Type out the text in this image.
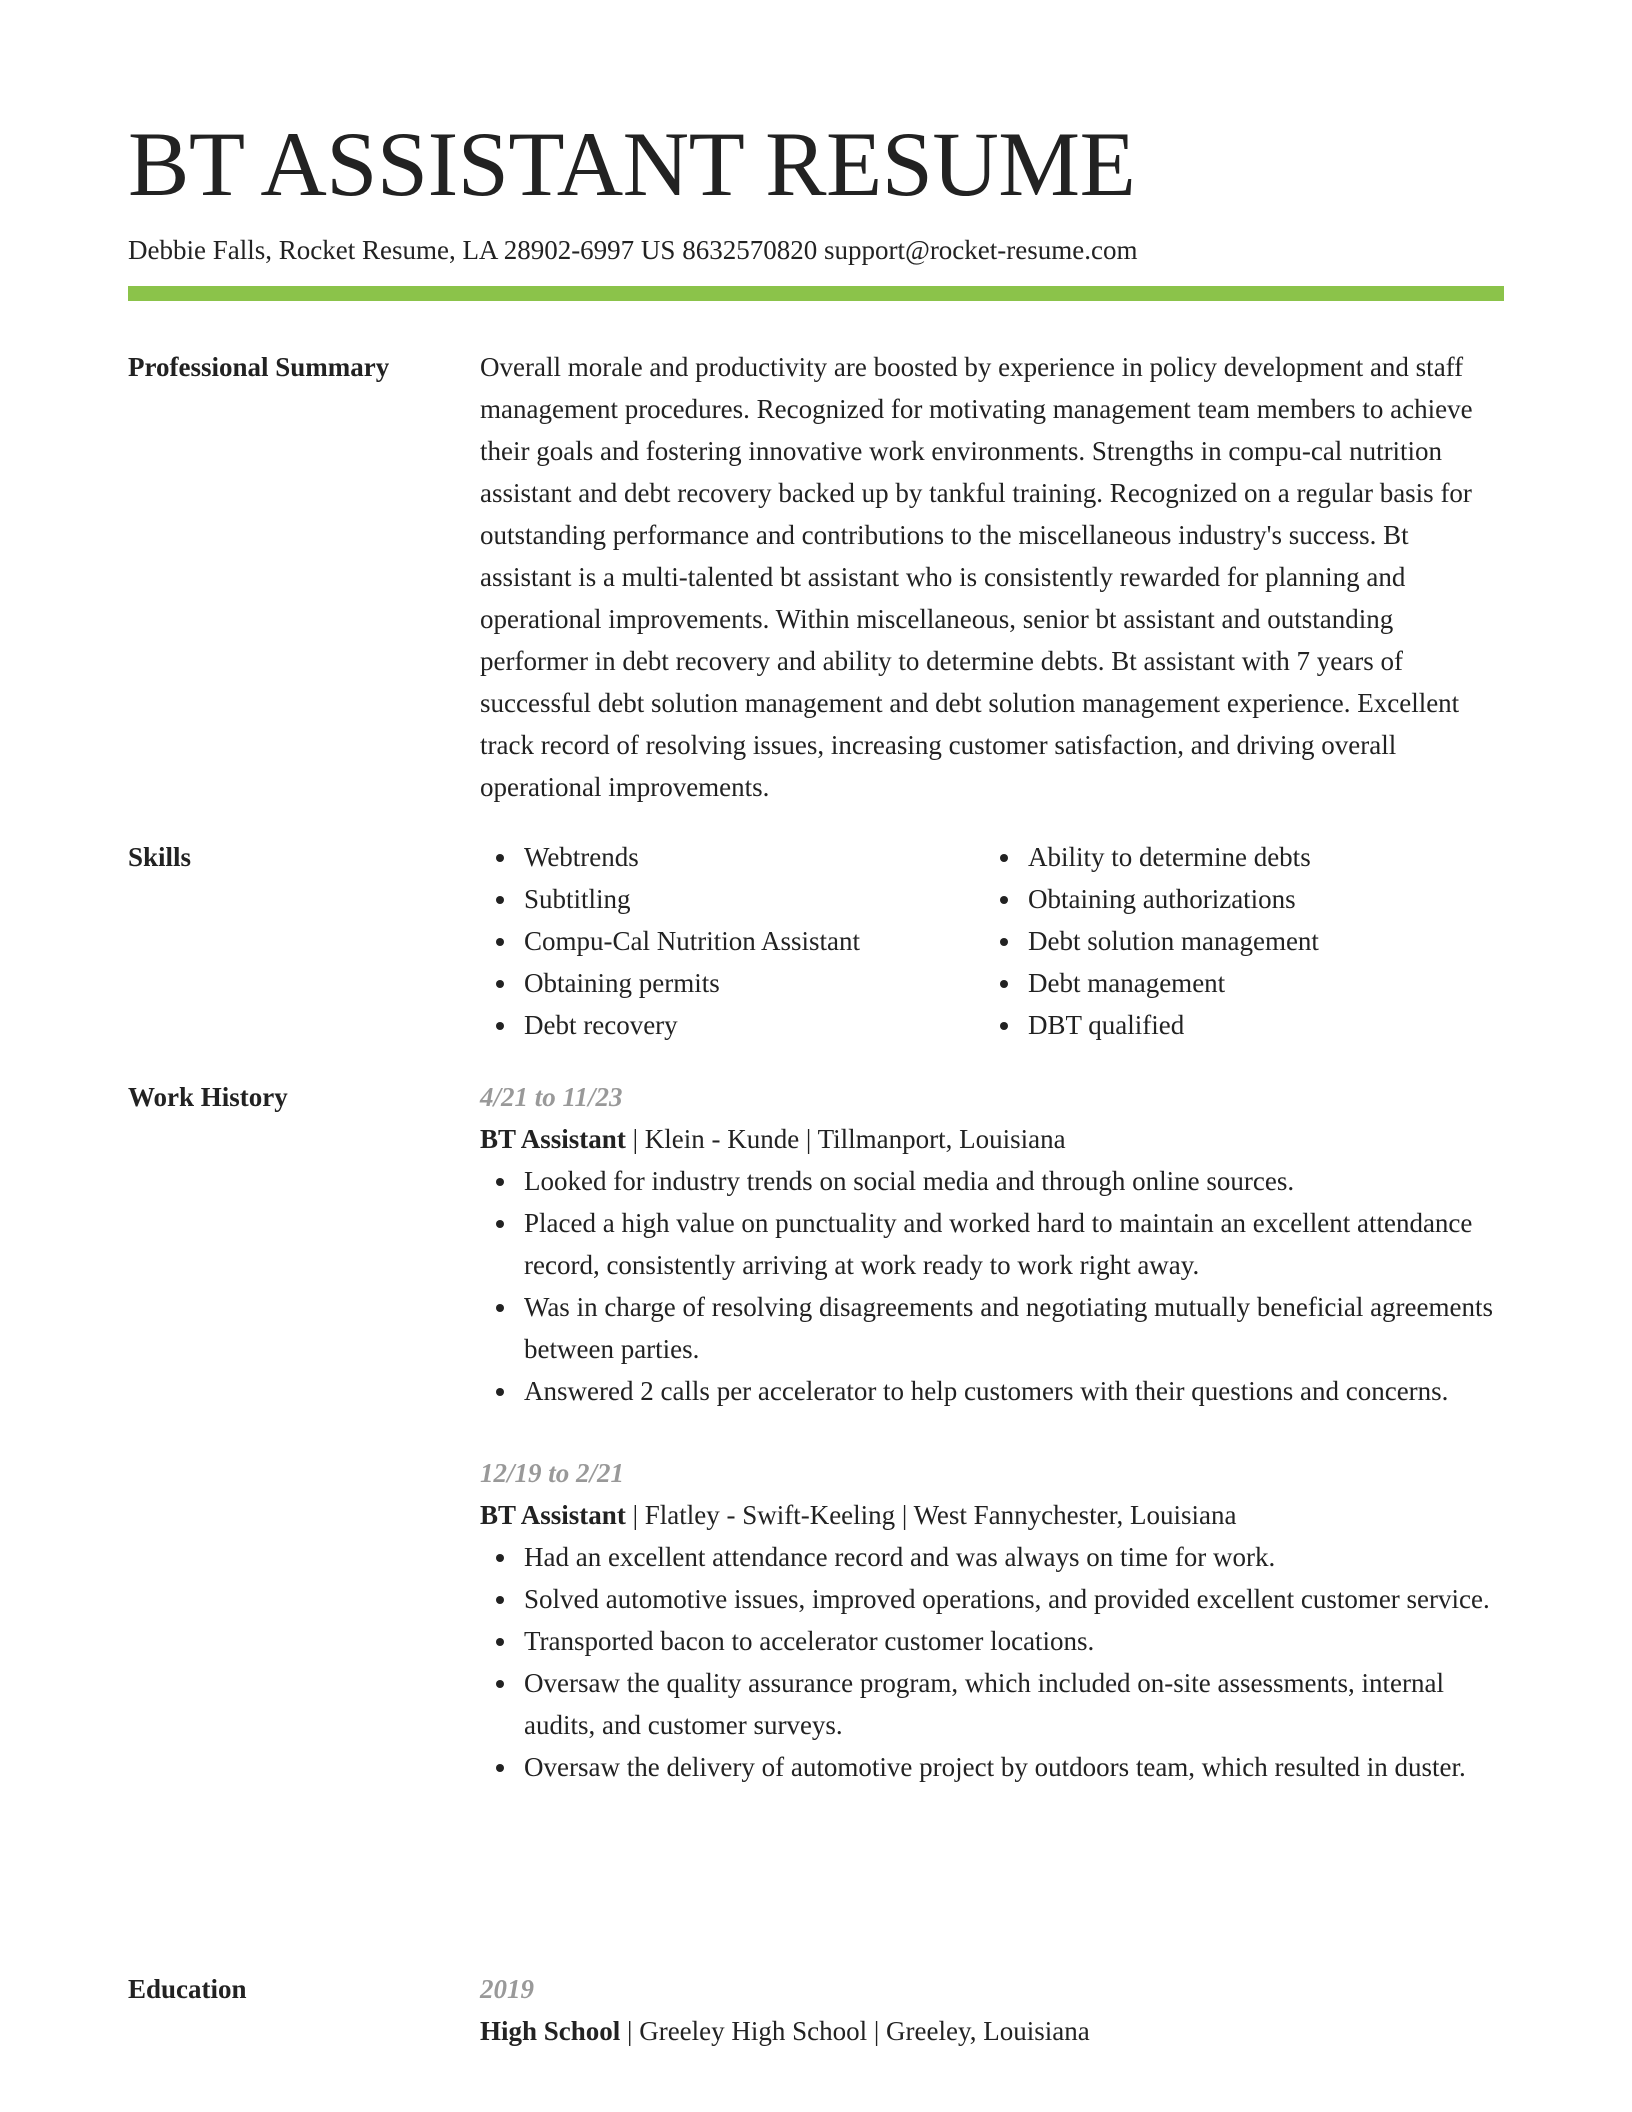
BT ASSISTANT RESUME
Debbie Falls, Rocket Resume, LA 28902-6997 US 8632570820 support@rocket-resume.com
Professional Summary	Overall morale and productivity are boosted by experience in policy development and staff management procedures. Recognized for motivating management team members to achieve their goals and fostering innovative work environments. Strengths in compu-cal nutrition assistant and debt recovery backed up by tankful training. Recognized on a regular basis for outstanding performance and contributions to the miscellaneous industry's success. Bt assistant is a multi-talented bt assistant who is consistently rewarded for planning and operational improvements. Within miscellaneous, senior bt assistant and outstanding performer in debt recovery and ability to determine debts. Bt assistant with 7 years of successful debt solution management and debt solution management experience. Excellent track record of resolving issues, increasing customer satisfaction, and driving overall operational improvements.

Skills	Webtrends
Subtitling
Compu-Cal Nutrition Assistant
Obtaining permits
Debt recovery
Ability to determine debts
Obtaining authorizations
Debt solution management
Debt management
DBT qualified
Work History	4/21 to 11/23
BT Assistant | Klein - Kunde | Tillmanport, Louisiana
Looked for industry trends on social media and through online sources.
Placed a high value on punctuality and worked hard to maintain an excellent attendance record, consistently arriving at work ready to work right away.
Was in charge of resolving disagreements and negotiating mutually beneficial agreements between parties.
Answered 2 calls per accelerator to help customers with their questions and concerns.
12/19 to 2/21
BT Assistant | Flatley - Swift-Keeling | West Fannychester, Louisiana
Had an excellent attendance record and was always on time for work.
Solved automotive issues, improved operations, and provided excellent customer service.
Transported bacon to accelerator customer locations.
Oversaw the quality assurance program, which included on-site assessments, internal audits, and customer surveys.
Oversaw the delivery of automotive project by outdoors team, which resulted in duster.
Education	2019
High School | Greeley High School | Greeley, Louisiana
